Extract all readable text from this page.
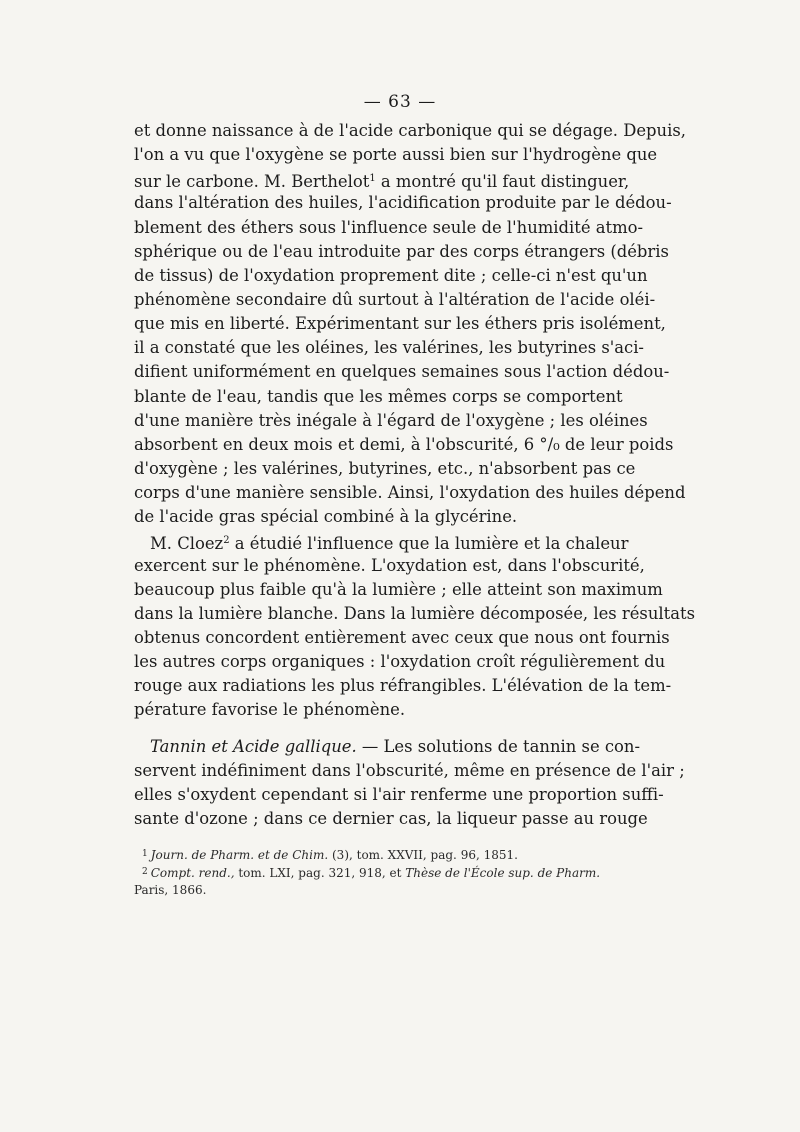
— 63 —
et donne naissance à de l'acide carbonique qui se dégage. Depuis,
l'on a vu que l'oxygène se porte aussi bien sur l'hydrogène que
sur le carbone. M. Berthelot$^1$ a montré qu'il faut distinguer,
dans l'altération des huiles, l'acidification produite par le dédou-
blement des éthers sous l'influence seule de l'humidité atmo-
sphérique ou de l'eau introduite par des corps étrangers (débris
de tissus) de l'oxydation proprement dite ; celle-ci n'est qu'un
phénomène secondaire dû surtout à l'altération de l'acide oléi-
que mis en liberté. Expérimentant sur les éthers pris isolément,
il a constaté que les oléines, les valérines, les butyrines s'aci-
difient uniformément en quelques semaines sous l'action dédou-
blante de l'eau, tandis que les mêmes corps se comportent
d'une manière très inégale à l'égard de l'oxygène ; les oléines
absorbent en deux mois et demi, à l'obscurité, 6 °/₀ de leur poids
d'oxygène ; les valérines, butyrines, etc., n'absorbent pas ce
corps d'une manière sensible. Ainsi, l'oxydation des huiles dépend
de l'acide gras spécial combiné à la glycérine.
M. Cloez$^2$ a étudié l'influence que la lumière et la chaleur
exercent sur le phénomène. L'oxydation est, dans l'obscurité,
beaucoup plus faible qu'à la lumière ; elle atteint son maximum
dans la lumière blanche. Dans la lumière décomposée, les résultats
obtenus concordent entièrement avec ceux que nous ont fournis
les autres corps organiques : l'oxydation croît régulièrement du
rouge aux radiations les plus réfrangibles. L'élévation de la tem-
pérature favorise le phénomène.
Tannin et Acide gallique. — Les solutions de tannin se con-
servent indéfiniment dans l'obscurité, même en présence de l'air ;
elles s'oxydent cependant si l'air renferme une proportion suffi-
sante d'ozone ; dans ce dernier cas, la liqueur passe au rouge
$^1$ Journ. de Pharm. et de Chim. (3), tom. XXVII, pag. 96, 1851.
$^2$ Compt. rend., tom. LXI, pag. 321, 918, et Thèse de l'École sup. de Pharm.
Paris, 1866.
